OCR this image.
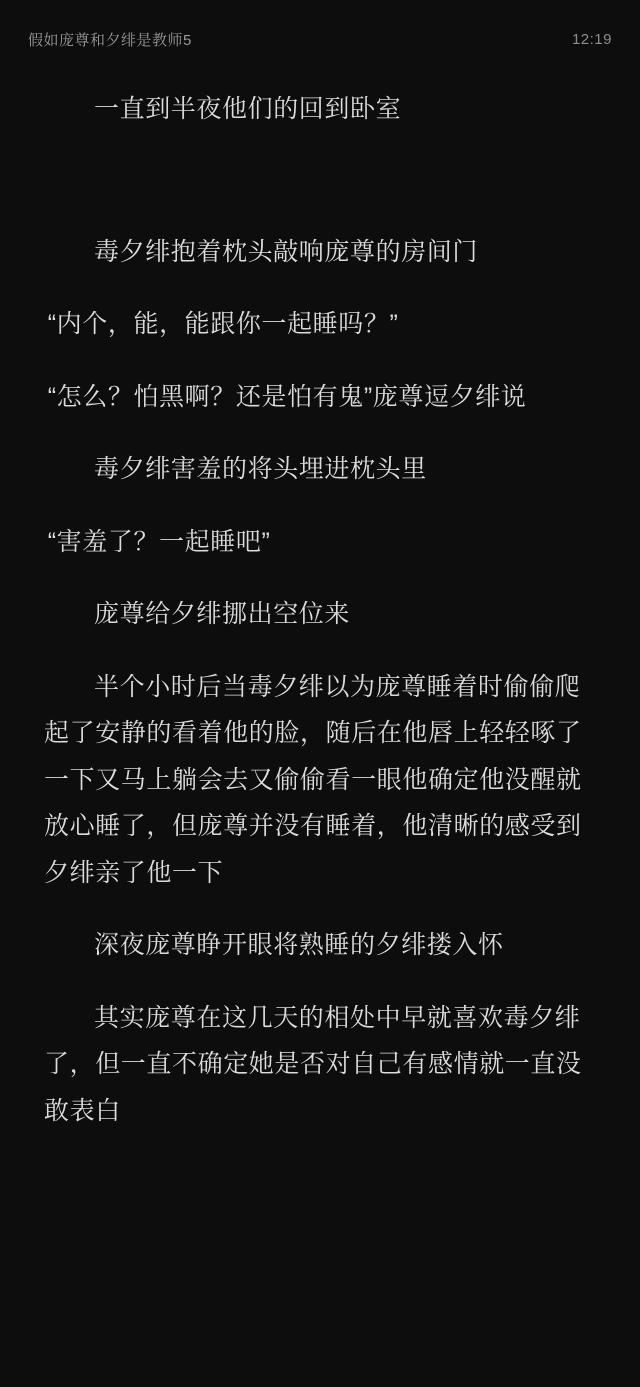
假如庞尊和夕绯是教师5	12:19

一直到半夜他们的回到卧室

毒夕绯抱着枕头敲响庞尊的房间门

“内个，能，能跟你一起睡吗？”

“怎么？怕黑啊？还是怕有鬼”庞尊逗夕绯说

毒夕绯害羞的将头埋进枕头里

“害羞了？一起睡吧”

庞尊给夕绯挪出空位来

半个小时后当毒夕绯以为庞尊睡着时偷偷爬起了安静的看着他的脸，随后在他唇上轻轻啄了一下又马上躺会去又偷偷看一眼他确定他没醒就放心睡了，但庞尊并没有睡着，他清晰的感受到夕绯亲了他一下

深夜庞尊睁开眼将熟睡的夕绯搂入怀

其实庞尊在这几天的相处中早就喜欢毒夕绯了，但一直不确定她是否对自己有感情就一直没敢表白
